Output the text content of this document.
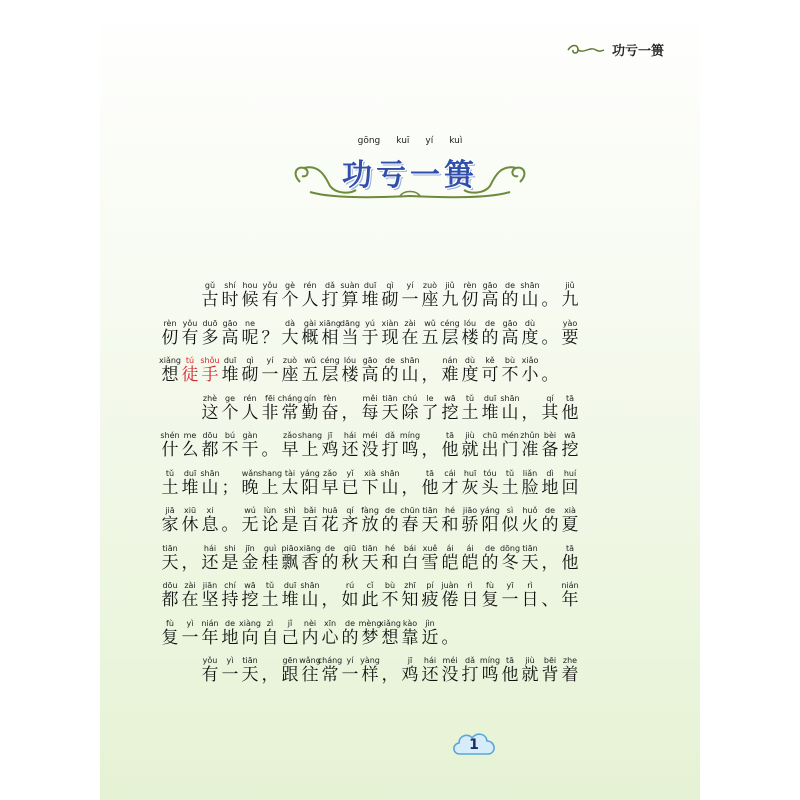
功亏一篑
gōng kuī yí kuì
功亏一篑
gǔ
古
shí
时
hou
候
yǒu
有
gè
个
rén
人
dǎ
打
suàn
算
duī
堆
qì
砌
yí
一
zuò
座
jiǔ
九
rèn
仞
gāo
高
de
的
shān
山 。
jiǔ
九
rèn
仞
yǒu
有
duō
多
gāo
高
ne
呢 ？
dà
大
gài
概
xiāng
相
dāng
当
yú
于
xiàn
现
zài
在
wǔ
五
céng
层
lóu
楼
de
的
gāo
高
dù
度 。
yào
要
xiǎng
想
tú
徒
shǒu
手
duī
堆
qì
砌
yí
一
zuò
座
wǔ
五
céng
层
lóu
楼
gāo
高
de
的
shān
山 ，
nán
难
dù
度
kě
可
bù
不
xiǎo
小 。
zhè
这
ge
个
rén
人
fēi
非
cháng
常
qín
勤
fèn
奋 ，
měi
每
tiān
天
chú
除
le
了
wā
挖
tǔ
土
duī
堆
shān
山 ，
qí
其
tā
他
shén
什
me
么
dōu
都
bú
不
gàn
干 。
zǎo
早
shang
上
jī
鸡
hái
还
méi
没
dǎ
打
míng
鸣 ，
tā
他
jiù
就
chū
出
mén
门
zhǔn
准
bèi
备
wā
挖
tǔ
土
duī
堆
shān
山 ；
wǎn
晚
shang
上
tài
太
yáng
阳
zǎo
早
yǐ
已
xià
下
shān
山 ，
tā
他
cái
才
huī
灰
tóu
头
tǔ
土
liǎn
脸
dì
地
huí
回
jiā
家
xiū
休
xi
息 。
wú
无
lùn
论
shì
是
bǎi
百
huā
花
qí
齐
fàng
放
de
的
chūn
春
tiān
天
hé
和
jiāo
骄
yáng
阳
sì
似
huǒ
火
de
的
xià
夏
tiān
天 ，
hái
还
shi
是
jīn
金
guì
桂
piāo
飘
xiāng
香
de
的
qiū
秋
tiān
天
hé
和
bái
白
xuě
雪
ái
皑
ái
皑
de
的
dōng
冬
tiān
天 ，
tā
他
dōu
都
zài
在
jiān
坚
chí
持
wā
挖
tǔ
土
duī
堆
shān
山 ，
rú
如
cǐ
此
bù
不
zhī
知
pí
疲
juàn
倦
rì
日
fù
复
yī
一
rì
日 、
nián
年
fù
复
yì
一
nián
年
de
地
xiàng
向
zì
自
jǐ
己
nèi
内
xīn
心
de
的
mèng
梦
xiǎng
想
kào
靠
jìn
近 。
yǒu
有
yì
一
tiān
天 ，
gēn
跟
wǎng
往
cháng
常
yí
一
yàng
样 ，
jī
鸡
hái
还
méi
没
dǎ
打
míng
鸣
tā
他
jiù
就
bēi
背
zhe
着
1
